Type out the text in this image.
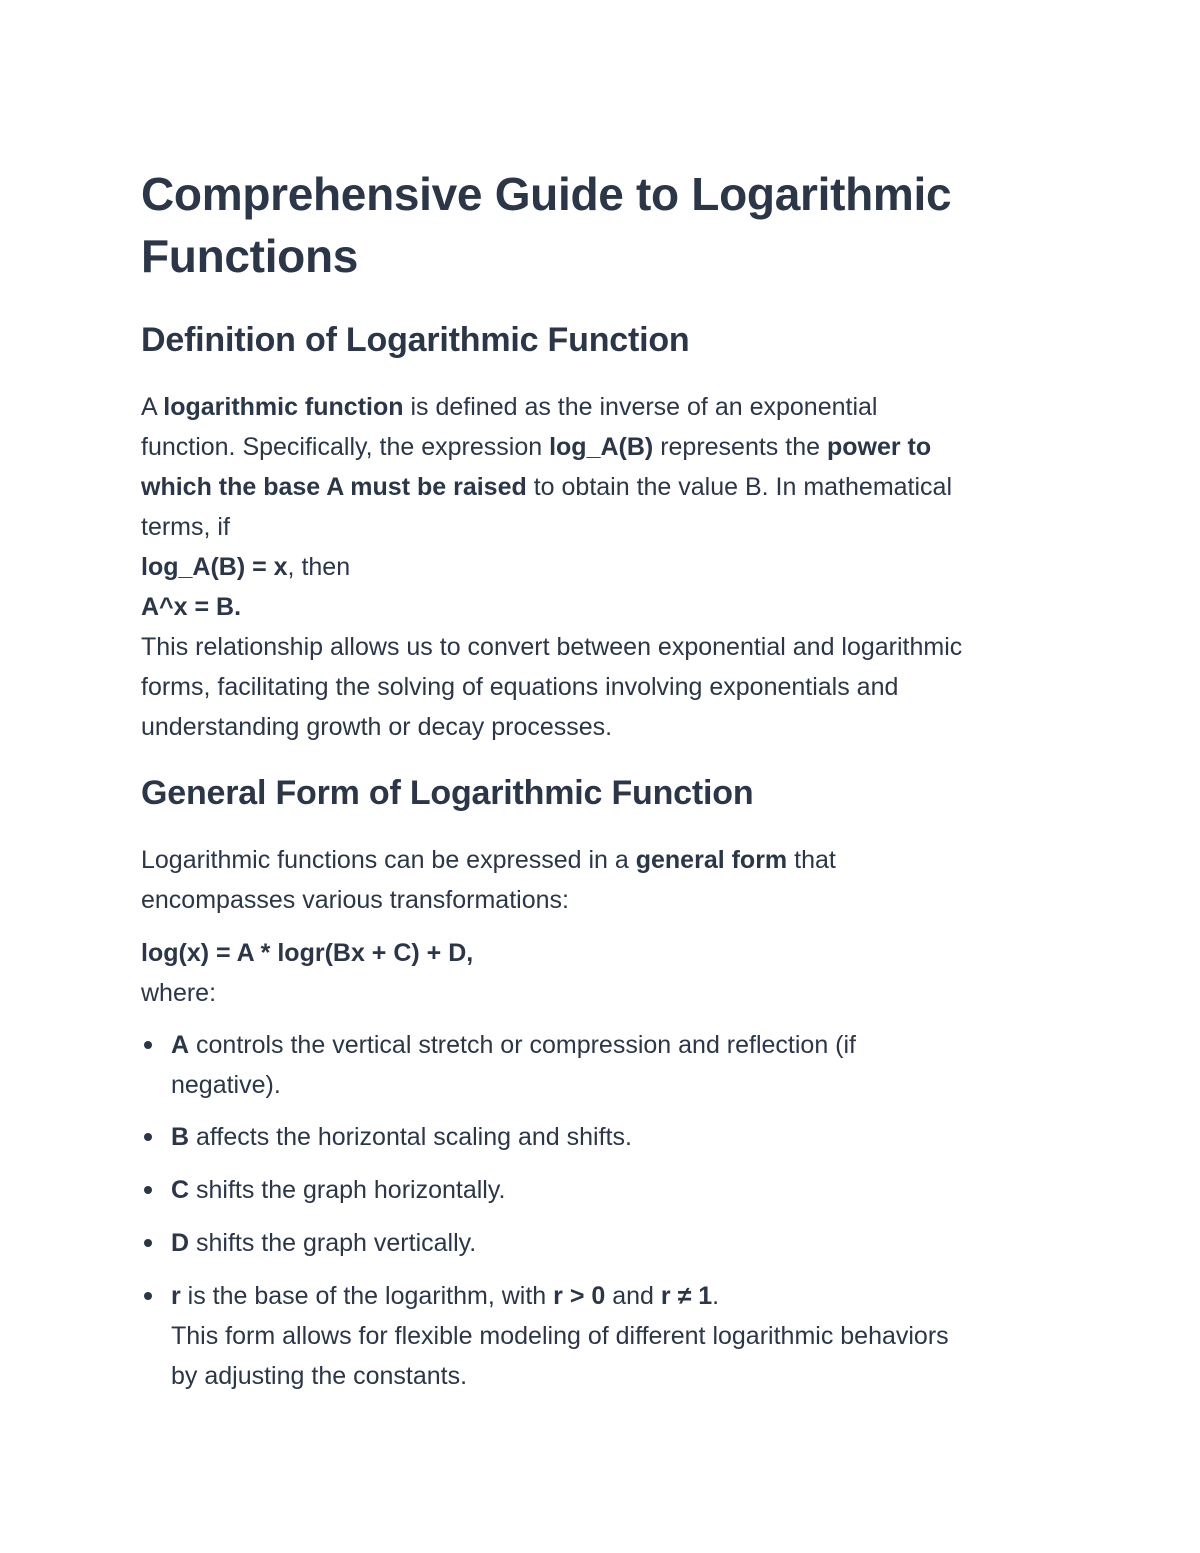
Comprehensive Guide to Logarithmic
Functions
Definition of Logarithmic Function
A logarithmic function is defined as the inverse of an exponential
function. Specifically, the expression log_A(B) represents the power to
which the base A must be raised to obtain the value B. In mathematical
terms, if
log_A(B) = x, then
A^x = B.
This relationship allows us to convert between exponential and logarithmic
forms, facilitating the solving of equations involving exponentials and
understanding growth or decay processes.
General Form of Logarithmic Function
Logarithmic functions can be expressed in a general form that
encompasses various transformations:
log(x) = A * logr(Bx + C) + D,
where:
A controls the vertical stretch or compression and reflection (if
negative).
B affects the horizontal scaling and shifts.
C shifts the graph horizontally.
D shifts the graph vertically.
r is the base of the logarithm, with r > 0 and r ≠ 1.
This form allows for flexible modeling of different logarithmic behaviors
by adjusting the constants.
